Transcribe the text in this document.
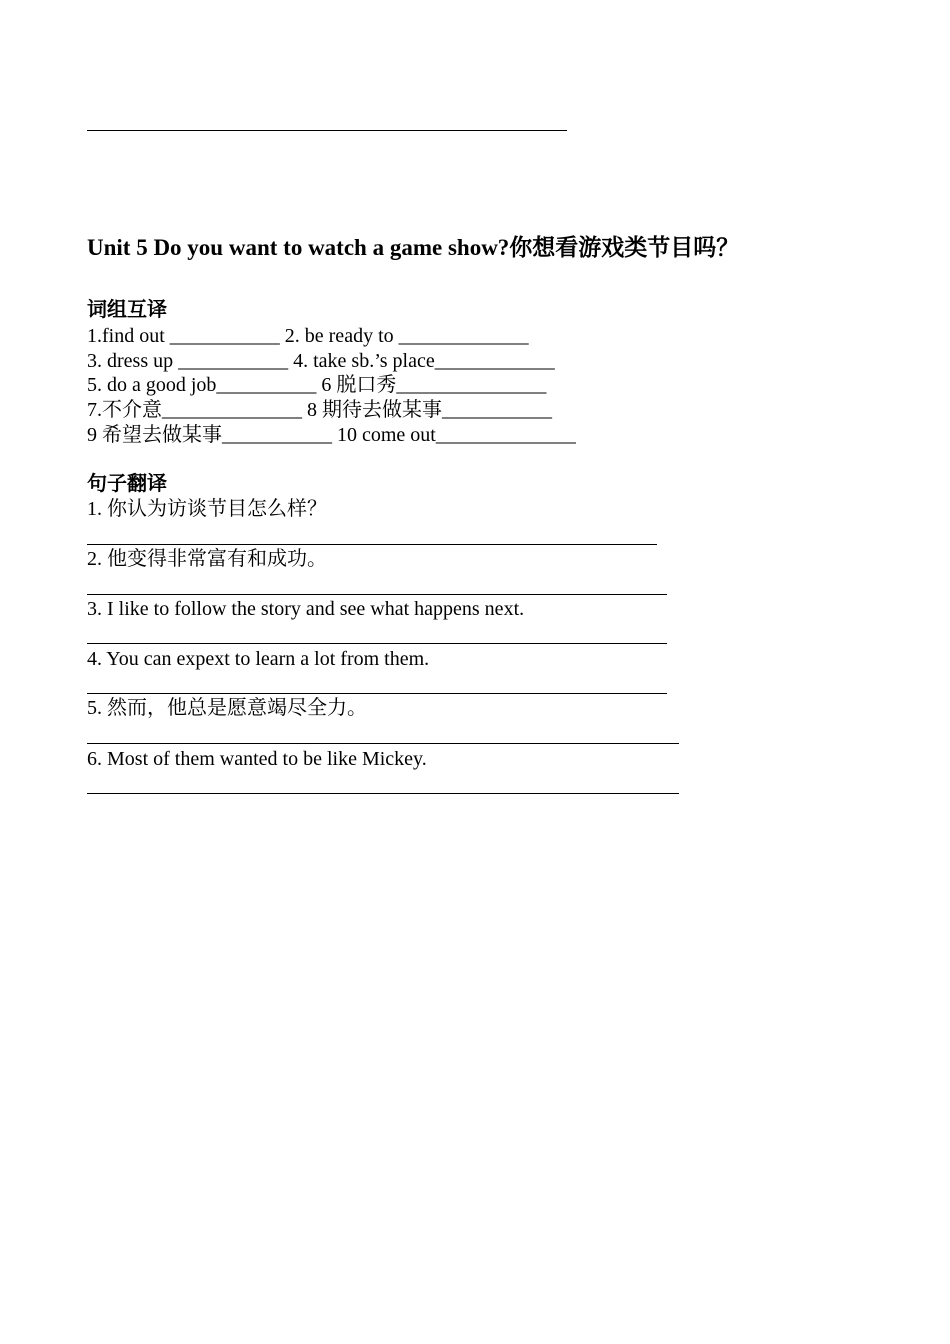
Unit 5 Do you want to watch a game show?你想看游戏类节目吗？
词组互译
1.find out ___________ 2. be ready to _____________
3. dress up ___________ 4. take sb.’s place____________
5. do a good job__________ 6 脱口秀_______________
7.不介意______________ 8 期待去做某事___________
9 希望去做某事___________ 10 come out______________
句子翻译
1. 你认为访谈节目怎么样？
2. 他变得非常富有和成功。
3. I like to follow the story and see what happens next.
4. You can expext to learn a lot from them.
5. 然而，他总是愿意竭尽全力。
6. Most of them wanted to be like Mickey.
